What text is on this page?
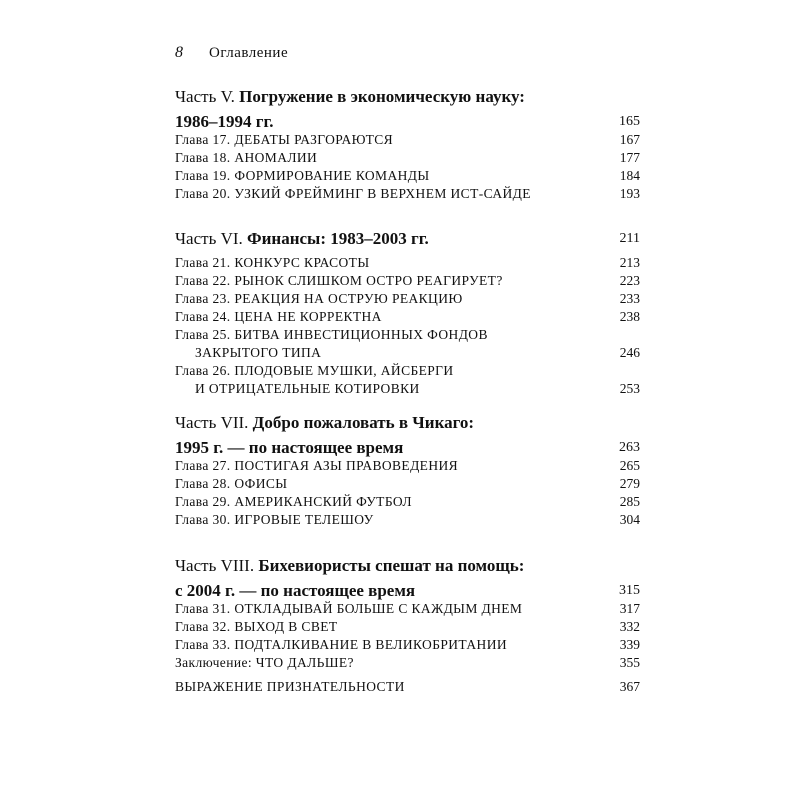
8 Оглавление
Часть V. Погружение в экономическую науку:
1986–1994 гг.	165
Глава 17. ДЕБАТЫ РАЗГОРАЮТСЯ	167
Глава 18. АНОМАЛИИ	177
Глава 19. ФОРМИРОВАНИЕ КОМАНДЫ	184
Глава 20. УЗКИЙ ФРЕЙМИНГ В ВЕРХНЕМ ИСТ-САЙДЕ	193
Часть VI. Финансы: 1983–2003 гг.	211
Глава 21. КОНКУРС КРАСОТЫ	213
Глава 22. РЫНОК СЛИШКОМ ОСТРО РЕАГИРУЕТ?	223
Глава 23. РЕАКЦИЯ НА ОСТРУЮ РЕАКЦИЮ	233
Глава 24. ЦЕНА НЕ КОРРЕКТНА	238
Глава 25. БИТВА ИНВЕСТИЦИОННЫХ ФОНДОВ
ЗАКРЫТОГО ТИПА	246
Глава 26. ПЛОДОВЫЕ МУШКИ, АЙСБЕРГИ
И ОТРИЦАТЕЛЬНЫЕ КОТИРОВКИ	253
Часть VII. Добро пожаловать в Чикаго:
1995 г. — по настоящее время	263
Глава 27. ПОСТИГАЯ АЗЫ ПРАВОВЕДЕНИЯ	265
Глава 28. ОФИСЫ	279
Глава 29. АМЕРИКАНСКИЙ ФУТБОЛ	285
Глава 30. ИГРОВЫЕ ТЕЛЕШОУ	304
Часть VIII. Бихевиористы спешат на помощь:
с 2004 г. — по настоящее время	315
Глава 31. ОТКЛАДЫВАЙ БОЛЬШЕ С КАЖДЫМ ДНЕМ	317
Глава 32. ВЫХОД В СВЕТ	332
Глава 33. ПОДТАЛКИВАНИЕ В ВЕЛИКОБРИТАНИИ	339
Заключение: ЧТО ДАЛЬШЕ?	355
ВЫРАЖЕНИЕ ПРИЗНАТЕЛЬНОСТИ	367
